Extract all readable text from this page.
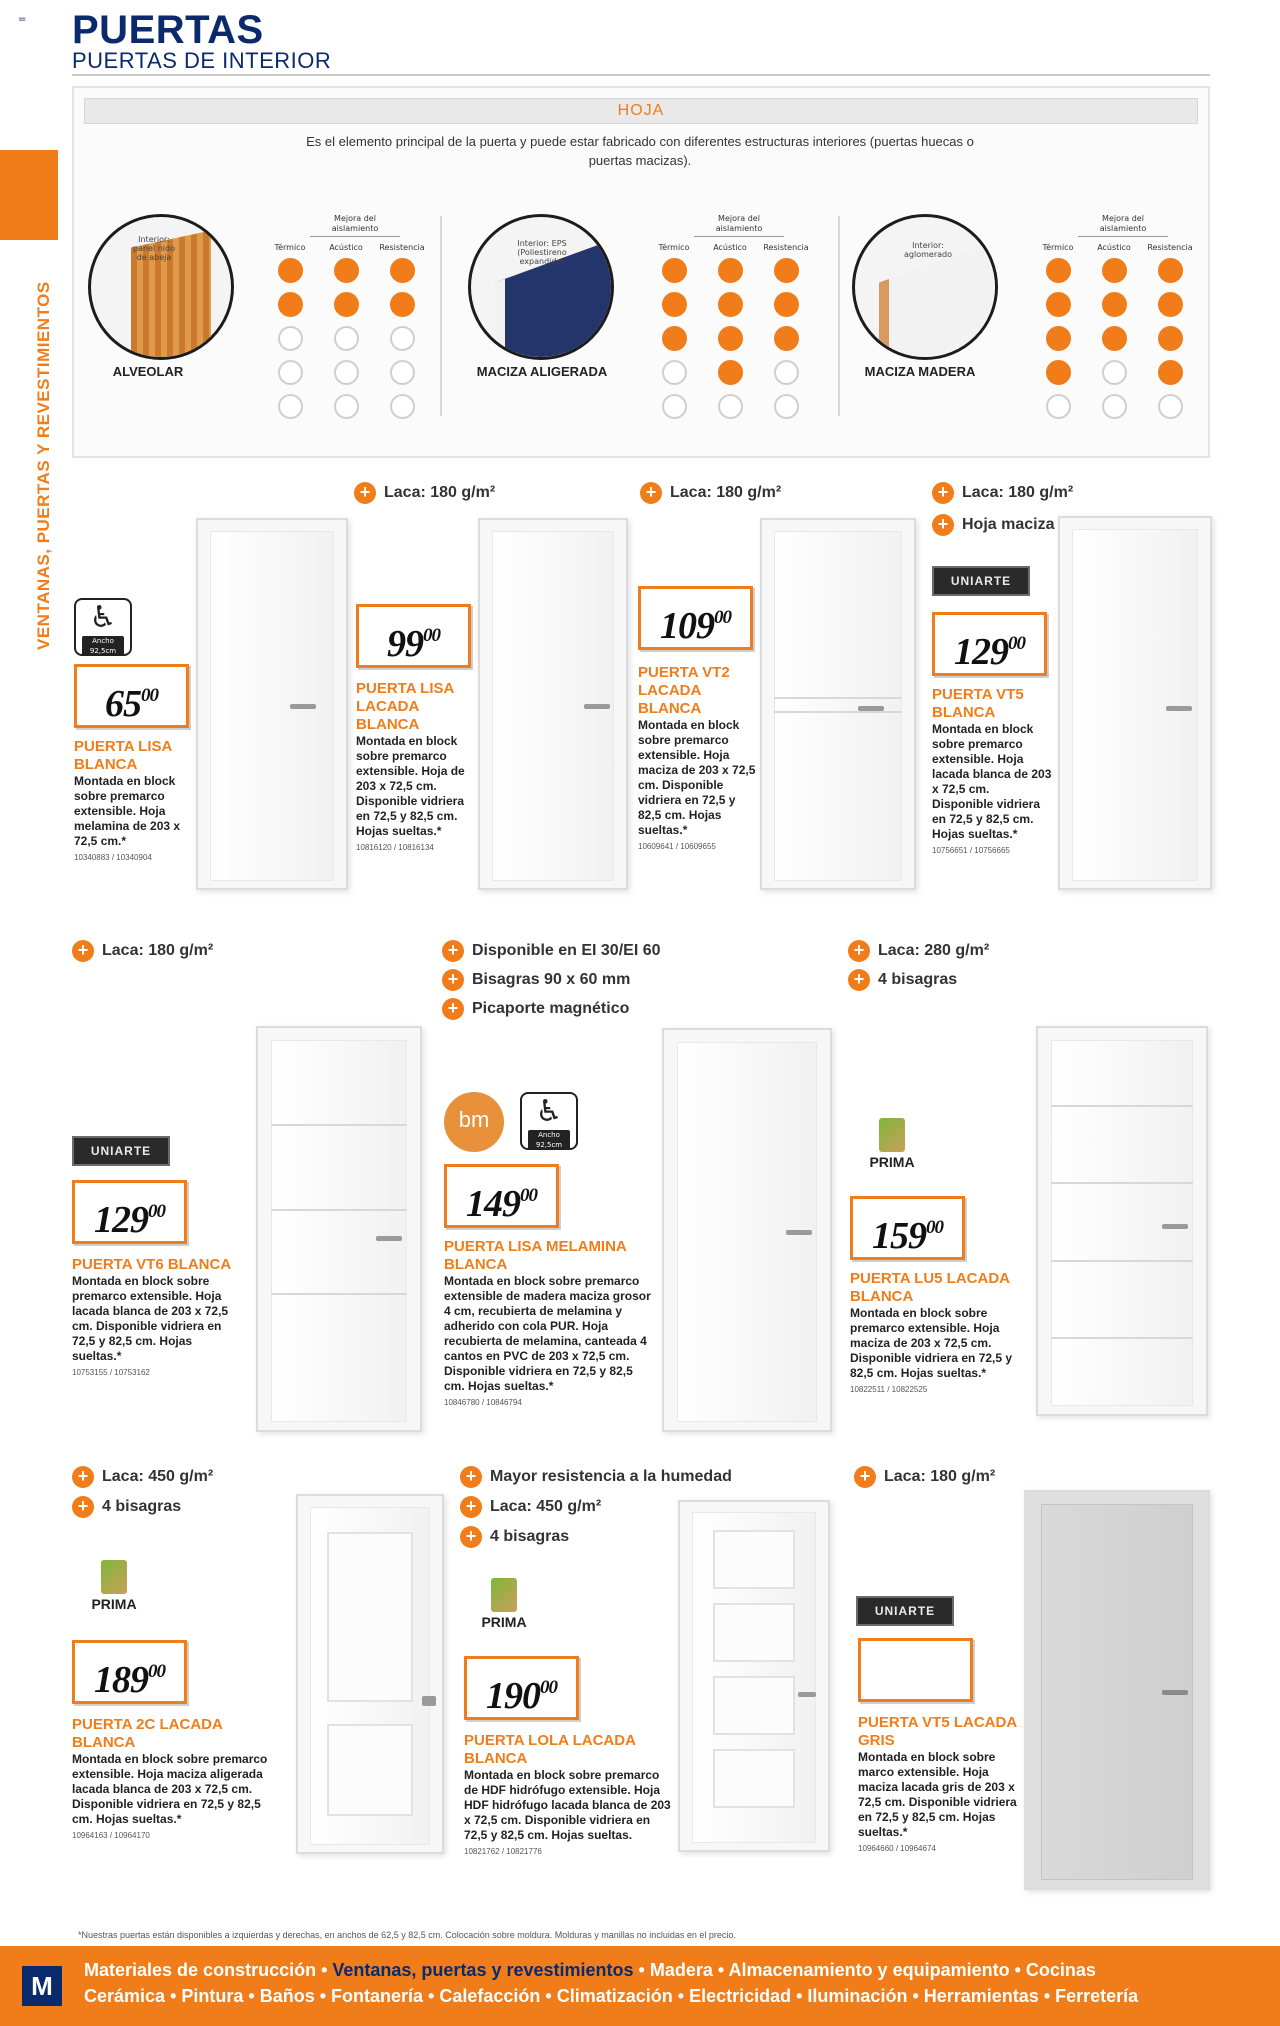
= PUERTAS
PUERTAS DE INTERIOR
VENTANAS, PUERTAS Y REVESTIMIENTOS
HOJA
Es el elemento principal de la puerta y puede estar fabricado con diferentes estructuras interiores (puertas huecas o puertas macizas).
Interior: panel nido de abeja
ALVEOLAR
Interior: EPS (Poliestireno expandido)
MACIZA ALIGERADA
Interior: aglomerado
MACIZA MADERA
Mejora del aislamiento
Térmico	Acústico	Resistencia
Mejora del aislamiento
Térmico	Acústico	Resistencia
Mejora del aislamiento
Térmico	Acústico	Resistencia
+ Laca: 180 g/m²	+ Laca: 180 g/m²	+ Laca: 180 g/m²
+ Hoja maciza
♿
Ancho 92,5cm
$65^{00}$
PUERTA LISA BLANCA
Montada en block sobre premarco extensible. Hoja melamina de 203 x 72,5 cm.*
10340883 / 10340904
$99^{00}$
PUERTA LISA LACADA BLANCA
Montada en block sobre premarco extensible. Hoja de 203 x 72,5 cm. Disponible vidriera en 72,5 y 82,5 cm. Hojas sueltas.*
10816120 / 10816134
$109^{00}$
PUERTA VT2 LACADA BLANCA
Montada en block sobre premarco extensible. Hoja maciza de 203 x 72,5 cm. Disponible vidriera en 72,5 y 82,5 cm. Hojas sueltas.*
10609641 / 10609655
UNIARTE
$129^{00}$
PUERTA VT5 BLANCA
Montada en block sobre premarco extensible. Hoja lacada blanca de 203 x 72,5 cm. Disponible vidriera en 72,5 y 82,5 cm. Hojas sueltas.*
10756651 / 10756665
+ Laca: 180 g/m²	+ Disponible en EI 30/EI 60
+ Bisagras 90 x 60 mm
+ Picaporte magnético
+ Laca: 280 g/m²
+ 4 bisagras
UNIARTE
$129^{00}$
PUERTA VT6 BLANCA
Montada en block sobre premarco extensible. Hoja lacada blanca de 203 x 72,5 cm. Disponible vidriera en 72,5 y 82,5 cm. Hojas sueltas.*
10753155 / 10753162
bm	♿
Ancho 92,5cm
$149^{00}$
PUERTA LISA MELAMINA BLANCA
Montada en block sobre premarco extensible de madera maciza grosor 4 cm, recubierta de melamina y adherido con cola PUR. Hoja recubierta de melamina, canteada 4 cantos en PVC de 203 x 72,5 cm. Disponible vidriera en 72,5 y 82,5 cm. Hojas sueltas.*
10846780 / 10846794
PRIMA
$159^{00}$
PUERTA LU5 LACADA BLANCA
Montada en block sobre premarco extensible. Hoja maciza de 203 x 72,5 cm. Disponible vidriera en 72,5 y 82,5 cm. Hojas sueltas.*
10822511 / 10822525
+ Laca: 450 g/m²
+ 4 bisagras
+ Mayor resistencia a la humedad
+ Laca: 450 g/m²
+ 4 bisagras
+ Laca: 180 g/m²
PRIMA
$189^{00}$
PUERTA 2C LACADA BLANCA
Montada en block sobre premarco extensible. Hoja maciza aligerada lacada blanca de 203 x 72,5 cm. Disponible vidriera en 72,5 y 82,5 cm. Hojas sueltas.*
10964163 / 10964170
PRIMA
$190^{00}$
PUERTA LOLA LACADA BLANCA
Montada en block sobre premarco de HDF hidrófugo extensible. Hoja HDF hidrófugo lacada blanca de 203 x 72,5 cm. Disponible vidriera en 72,5 y 82,5 cm. Hojas sueltas.
10821762 / 10821776
UNIARTE
PUERTA VT5 LACADA GRIS
Montada en block sobre marco extensible. Hoja maciza lacada gris de 203 x 72,5 cm. Disponible vidriera en 72,5 y 82,5 cm. Hojas sueltas.*
10964660 / 10964674
*Nuestras puertas están disponibles a izquierdas y derechas, en anchos de 62,5 y 82,5 cm. Colocación sobre moldura. Molduras y manillas no incluidas en el precio.
M
Materiales de construcción • Ventanas, puertas y revestimientos • Madera • Almacenamiento y equipamiento • Cocinas
Cerámica • Pintura • Baños • Fontanería • Calefacción • Climatización • Electricidad • Iluminación • Herramientas • Ferretería
